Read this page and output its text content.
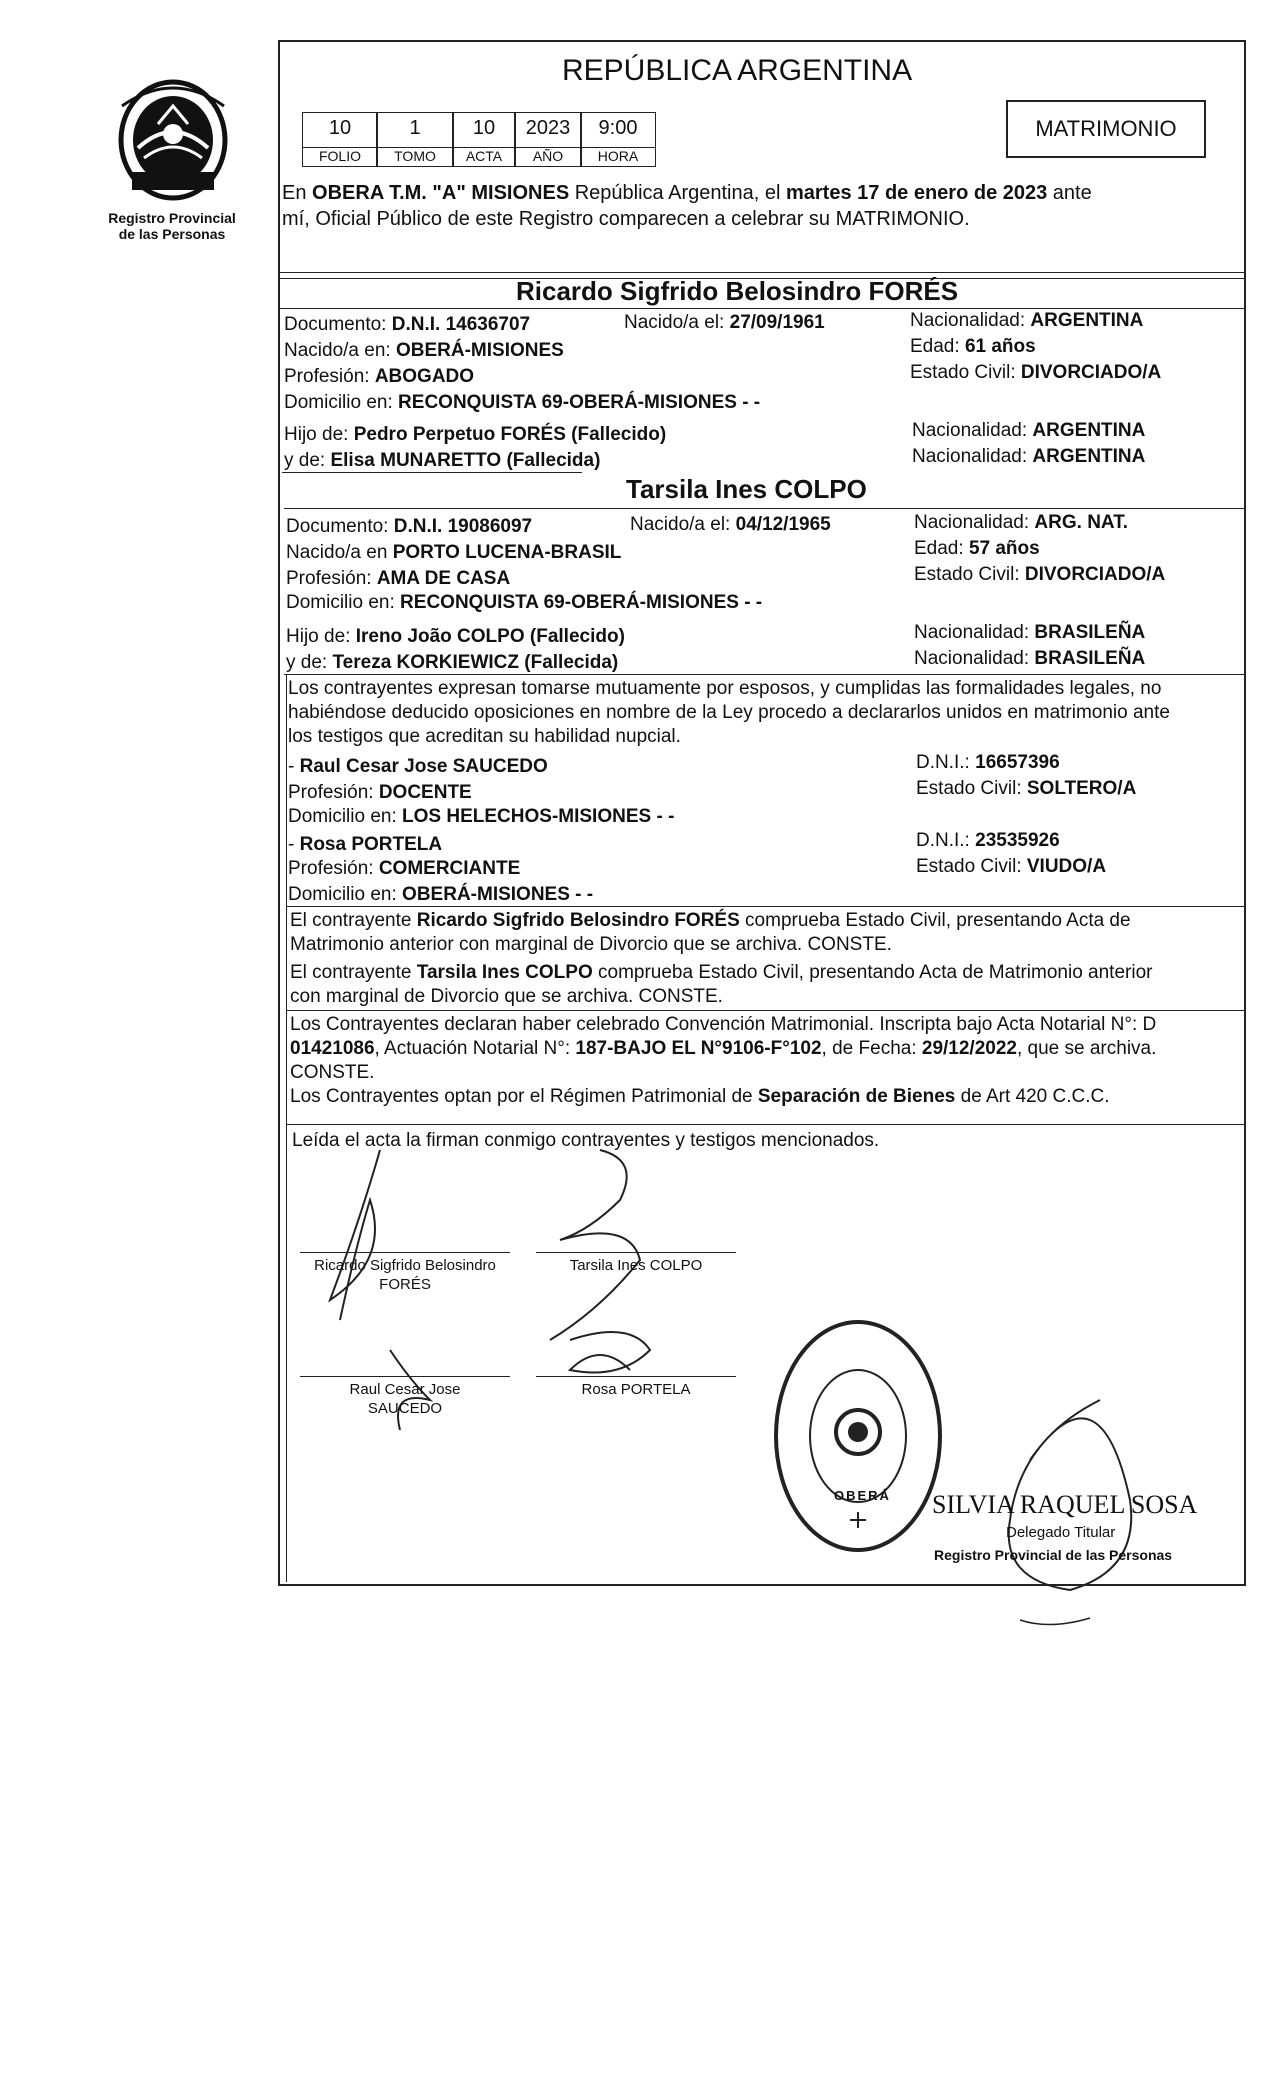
Registro Provincial
de las Personas
REPÚBLICA ARGENTINA
10	1	10	2023	9:00
FOLIO	TOMO	ACTA	AÑO	HORA
MATRIMONIO
En OBERA T.M. "A" MISIONES República Argentina, el martes 17 de enero de 2023 ante
mí, Oficial Público de este Registro comparecen a celebrar su MATRIMONIO.
Ricardo Sigfrido Belosindro FORÉS
Documento: D.N.I. 14636707	Nacido/a el: 27/09/1961	Nacionalidad: ARGENTINA
Nacido/a en: OBERÁ-MISIONES	Edad: 61 años
Profesión: ABOGADO	Estado Civil: DIVORCIADO/A
Domicilio en: RECONQUISTA 69-OBERÁ-MISIONES - -
Hijo de: Pedro Perpetuo FORÉS (Fallecido)	Nacionalidad: ARGENTINA
y de: Elisa MUNARETTO (Fallecida)	Nacionalidad: ARGENTINA
Tarsila Ines COLPO
Documento: D.N.I. 19086097	Nacido/a el: 04/12/1965	Nacionalidad: ARG. NAT.
Nacido/a en PORTO LUCENA-BRASIL	Edad: 57 años
Profesión: AMA DE CASA	Estado Civil: DIVORCIADO/A
Domicilio en: RECONQUISTA 69-OBERÁ-MISIONES - -
Hijo de: Ireno João COLPO (Fallecido)	Nacionalidad: BRASILEÑA
y de: Tereza KORKIEWICZ (Fallecida)	Nacionalidad: BRASILEÑA
Los contrayentes expresan tomarse mutuamente por esposos, y cumplidas las formalidades legales, no
habiéndose deducido oposiciones en nombre de la Ley procedo a declararlos unidos en matrimonio ante
los testigos que acreditan su habilidad nupcial.
- Raul Cesar Jose SAUCEDO	D.N.I.: 16657396
Profesión: DOCENTE	Estado Civil: SOLTERO/A
Domicilio en: LOS HELECHOS-MISIONES - -
- Rosa PORTELA	D.N.I.: 23535926
Profesión: COMERCIANTE	Estado Civil: VIUDO/A
Domicilio en: OBERÁ-MISIONES - -
El contrayente Ricardo Sigfrido Belosindro FORÉS comprueba Estado Civil, presentando Acta de
Matrimonio anterior con marginal de Divorcio que se archiva. CONSTE.
El contrayente Tarsila Ines COLPO comprueba Estado Civil, presentando Acta de Matrimonio anterior
con marginal de Divorcio que se archiva. CONSTE.
Los Contrayentes declaran haber celebrado Convención Matrimonial. Inscripta bajo Acta Notarial N°: D
01421086, Actuación Notarial N°: 187-BAJO EL N°9106-F°102, de Fecha: 29/12/2022, que se archiva.
CONSTE.
Los Contrayentes optan por el Régimen Patrimonial de Separación de Bienes de Art 420 C.C.C.
Leída el acta la firman conmigo contrayentes y testigos mencionados.
Ricardo Sigfrido Belosindro
FORÉS
Tarsila Ines COLPO
Raul Cesar Jose
SAUCEDO
Rosa PORTELA
OBERÁ SILVIA RAQUEL SOSA
Delegado Titular
Registro Provincial de las Personas
